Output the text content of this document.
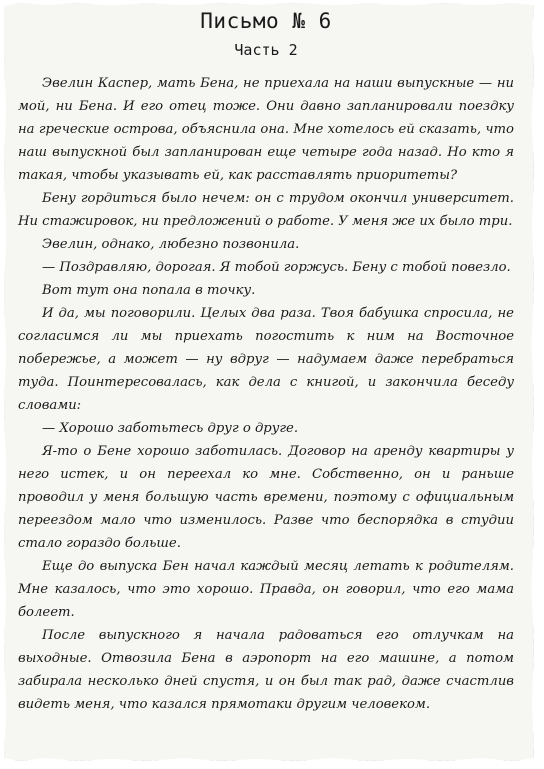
Письмо № 6
Часть 2

Эвелин Каспер, мать Бена, не приехала на наши выпускные — ни мой, ни Бена. И его отец тоже. Они давно запланировали поездку на греческие острова, объяснила она. Мне хотелось ей сказать, что наш выпускной был запланирован еще четыре года назад. Но кто я такая, чтобы указывать ей, как расставлять приоритеты?

Бену гордиться было нечем: он с трудом окончил университет. Ни стажировок, ни предложений о работе. У меня же их было три.

Эвелин, однако, любезно позвонила.

— Поздравляю, дорогая. Я тобой горжусь. Бену с тобой повезло.

Вот тут она попала в точку.

И да, мы поговорили. Целых два раза. Твоя бабушка спросила, не согласимся ли мы приехать погостить к ним на Восточное побережье, а может — ну вдруг — надумаем даже перебраться туда. Поинтересовалась, как дела с книгой, и закончила беседу словами:

— Хорошо заботьтесь друг о друге.

Я-то о Бене хорошо заботилась. Договор на аренду квартиры у него истек, и он переехал ко мне. Собственно, он и раньше проводил у меня большую часть времени, поэтому с официальным переездом мало что изменилось. Разве что беспорядка в студии стало гораздо больше.

Еще до выпуска Бен начал каждый месяц летать к родителям. Мне казалось, что это хорошо. Правда, он говорил, что его мама болеет.

После выпускного я начала радоваться его отлучкам на выходные. Отвозила Бена в аэропорт на его машине, а потом забирала несколько дней спустя, и он был так рад, даже счастлив видеть меня, что казался прямотаки другим человеком.
